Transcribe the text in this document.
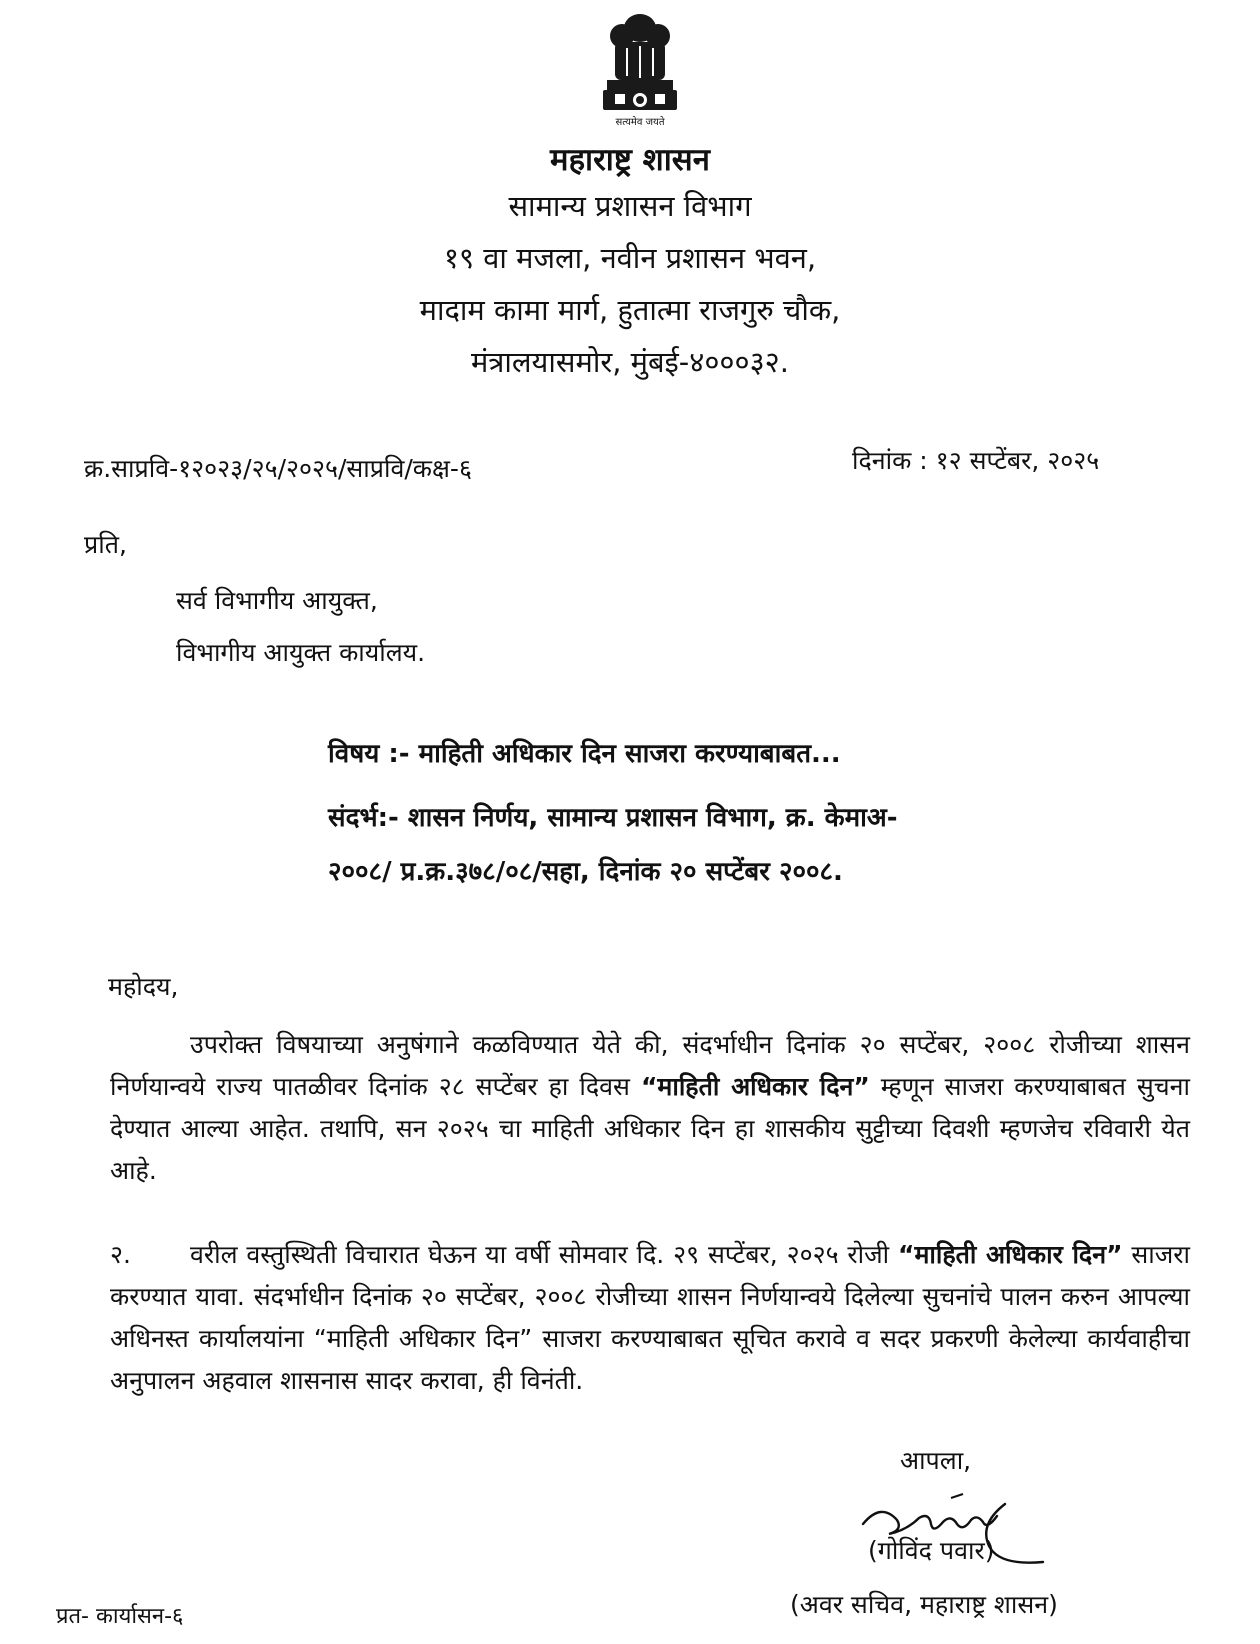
सत्यमेव जयते
महाराष्ट्र शासन
सामान्य प्रशासन विभाग
१९ वा मजला, नवीन प्रशासन भवन,
मादाम कामा मार्ग, हुतात्मा राजगुरु चौक,
मंत्रालयासमोर, मुंबई-४०००३२.
क्र.साप्रवि-१२०२३/२५/२०२५/साप्रवि/कक्ष-६	दिनांक : १२ सप्टेंबर, २०२५
प्रति,
सर्व विभागीय आयुक्त,
विभागीय आयुक्त कार्यालय.
विषय :- माहिती अधिकार दिन साजरा करण्याबाबत...
संदर्भ:- शासन निर्णय, सामान्य प्रशासन विभाग, क्र. केमाअ-
२००८/ प्र.क्र.३७८/०८/सहा, दिनांक २० सप्टेंबर २००८.
महोदय,
उपरोक्त विषयाच्या अनुषंगाने कळविण्यात येते की, संदर्भाधीन दिनांक २० सप्टेंबर, २००८ रोजीच्या शासन निर्णयान्वये राज्य पातळीवर दिनांक २८ सप्टेंबर हा दिवस “माहिती अधिकार दिन” म्हणून साजरा करण्याबाबत सुचना देण्यात आल्या आहेत. तथापि, सन २०२५ चा माहिती अधिकार दिन हा शासकीय सुट्टीच्या दिवशी म्हणजेच रविवारी येत आहे.
२. वरील वस्तुस्थिती विचारात घेऊन या वर्षी सोमवार दि. २९ सप्टेंबर, २०२५ रोजी “माहिती अधिकार दिन” साजरा करण्यात यावा. संदर्भाधीन दिनांक २० सप्टेंबर, २००८ रोजीच्या शासन निर्णयान्वये दिलेल्या सुचनांचे पालन करुन आपल्या अधिनस्त कार्यालयांना “माहिती अधिकार दिन” साजरा करण्याबाबत सूचित करावे व सदर प्रकरणी केलेल्या कार्यवाहीचा अनुपालन अहवाल शासनास सादर करावा, ही विनंती.
आपला,
(गोविंद पवार)
(अवर सचिव, महाराष्ट्र शासन)
प्रत- कार्यासन-६
